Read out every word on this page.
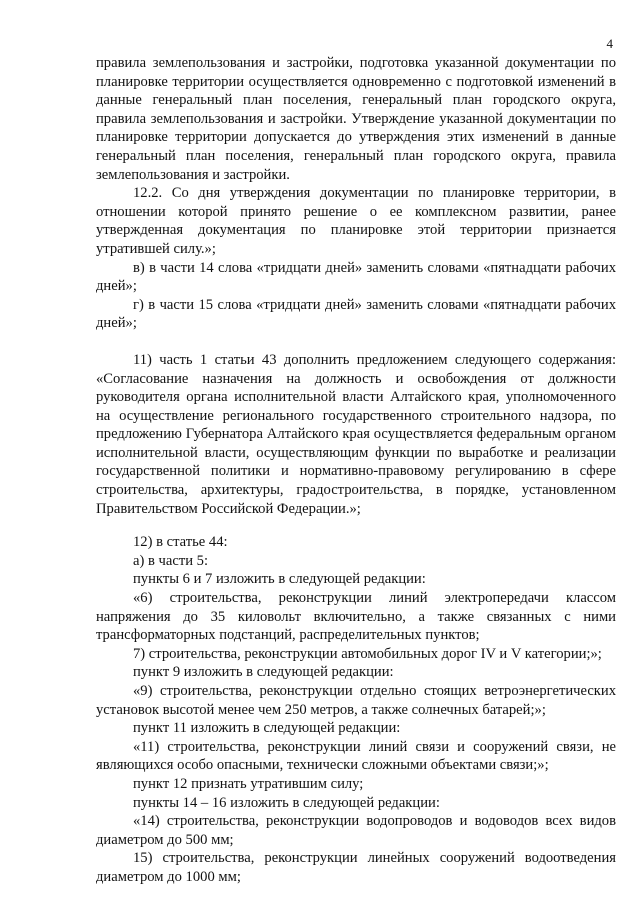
4

правила землепользования и застройки, подготовка указанной документации по планировке территории осуществляется одновременно с подготовкой изменений в данные генеральный план поселения, генеральный план городского округа, правила землепользования и застройки. Утверждение указанной документации по планировке территории допускается до утверждения этих изменений в данные генеральный план поселения, генеральный план городского округа, правила землепользования и застройки.

12.2. Со дня утверждения документации по планировке территории, в отношении которой принято решение о ее комплексном развитии, ранее утвержденная документация по планировке этой территории признается утратившей силу.»;

в) в части 14 слова «тридцати дней» заменить словами «пятнадцати рабочих дней»;

г) в части 15 слова «тридцати дней» заменить словами «пятнадцати рабочих дней»;

11) часть 1 статьи 43 дополнить предложением следующего содержания: «Согласование назначения на должность и освобождения от должности руководителя органа исполнительной власти Алтайского края, уполномоченного на осуществление регионального государственного строительного надзора, по предложению Губернатора Алтайского края осуществляется федеральным органом исполнительной власти, осуществляющим функции по выработке и реализации государственной политики и нормативно-правовому регулированию в сфере строительства, архитектуры, градостроительства, в порядке, установленном Правительством Российской Федерации.»;

12) в статье 44:

а) в части 5:

пункты 6 и 7 изложить в следующей редакции:

«6) строительства, реконструкции линий электропередачи классом напряжения до 35 киловольт включительно, а также связанных с ними трансформаторных подстанций, распределительных пунктов;

7) строительства, реконструкции автомобильных дорог IV и V категории;»;

пункт 9 изложить в следующей редакции:

«9) строительства, реконструкции отдельно стоящих ветроэнергетических установок высотой менее чем 250 метров, а также солнечных батарей;»;

пункт 11 изложить в следующей редакции:

«11) строительства, реконструкции линий связи и сооружений связи, не являющихся особо опасными, технически сложными объектами связи;»;

пункт 12 признать утратившим силу;

пункты 14 – 16 изложить в следующей редакции:

«14) строительства, реконструкции водопроводов и водоводов всех видов диаметром до 500 мм;

15) строительства, реконструкции линейных сооружений водоотведения диаметром до 1000 мм;
